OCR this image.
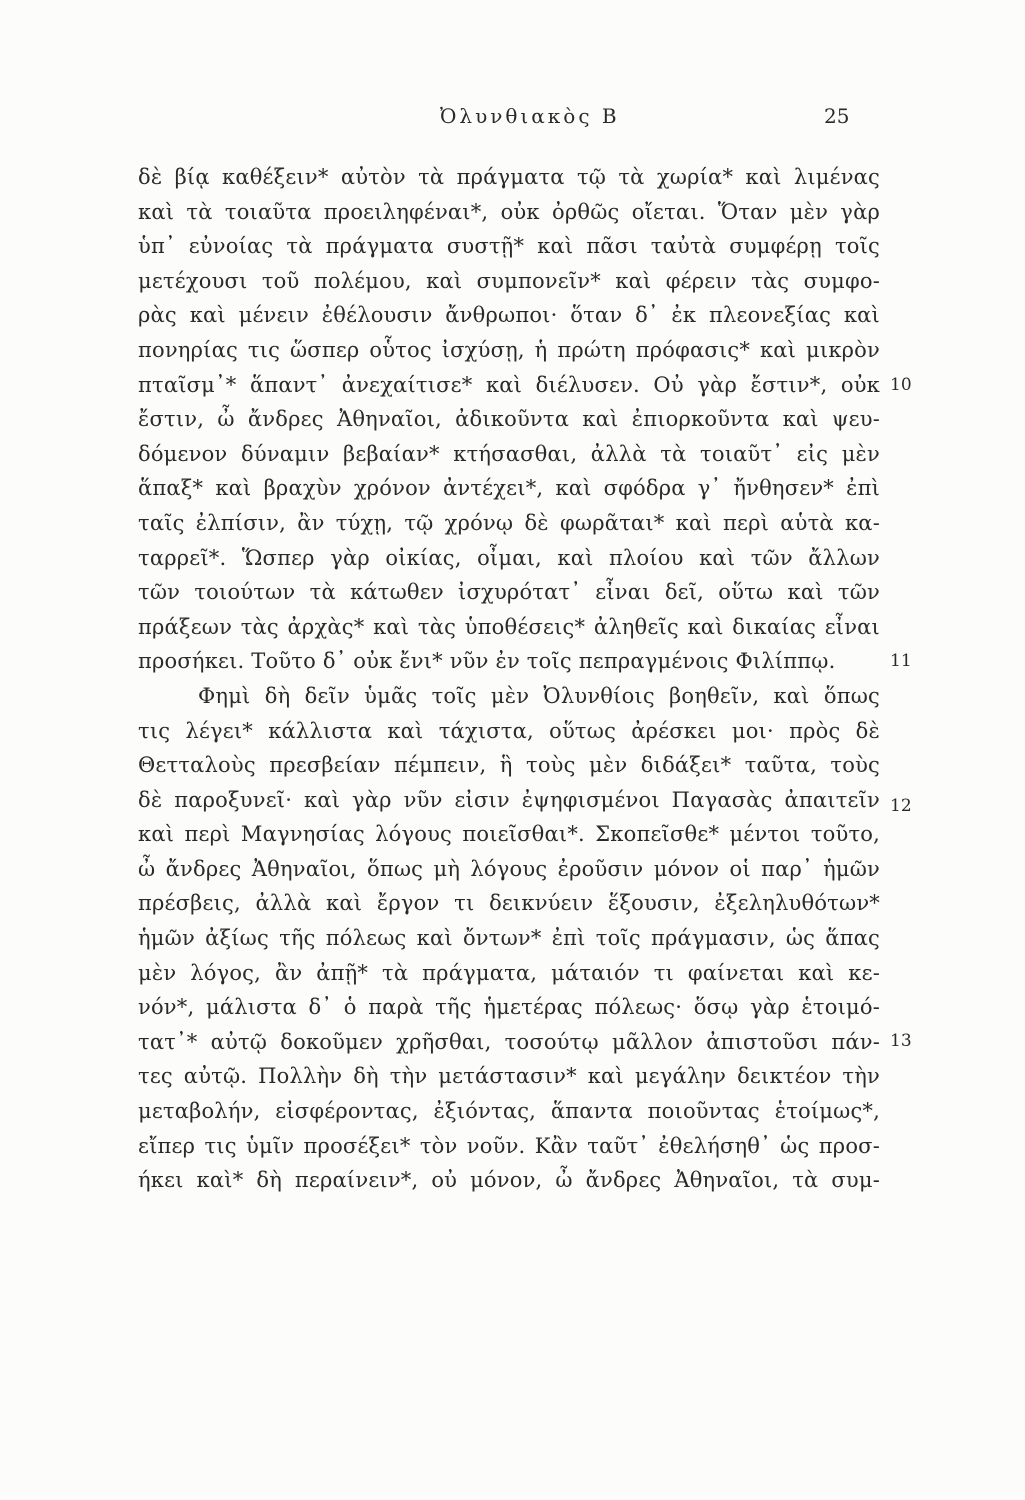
Ὀλυνθιακὸς Β	25
δὲ βίᾳ καθέξειν* αὐτὸν τὰ πράγματα τῷ τὰ χωρία* καὶ λιμένας
καὶ τὰ τοιαῦτα προειληφέναι*, οὐκ ὀρθῶς οἴεται. Ὅταν μὲν γὰρ
ὑπ᾿ εὐνοίας τὰ πράγματα συστῇ* καὶ πᾶσι ταὐτὰ συμφέρῃ τοῖς
μετέχουσι τοῦ πολέμου, καὶ συμπονεῖν* καὶ φέρειν τὰς συμφο-
ρὰς καὶ μένειν ἐθέλουσιν ἄνθρωποι· ὅταν δ᾿ ἐκ πλεονεξίας καὶ
πονηρίας τις ὥσπερ οὗτος ἰσχύσῃ, ἡ πρώτη πρόφασις* καὶ μικρὸν
πταῖσμ᾿* ἅπαντ᾿ ἀνεχαίτισε* καὶ διέλυσεν. Οὐ γὰρ ἔστιν*, οὐκ
ἔστιν, ὦ ἄνδρες Ἀθηναῖοι, ἀδικοῦντα καὶ ἐπιορκοῦντα καὶ ψευ-
δόμενον δύναμιν βεβαίαν* κτήσασθαι, ἀλλὰ τὰ τοιαῦτ᾿ εἰς μὲν
ἅπαξ* καὶ βραχὺν χρόνον ἀντέχει*, καὶ σφόδρα γ᾿ ἤνθησεν* ἐπὶ
ταῖς ἐλπίσιν, ἂν τύχῃ, τῷ χρόνῳ δὲ φωρᾶται* καὶ περὶ αὑτὰ κα-
ταρρεῖ*. Ὥσπερ γὰρ οἰκίας, οἶμαι, καὶ πλοίου καὶ τῶν ἄλλων
τῶν τοιούτων τὰ κάτωθεν ἰσχυρότατ᾿ εἶναι δεῖ, οὕτω καὶ τῶν
πράξεων τὰς ἀρχὰς* καὶ τὰς ὑποθέσεις* ἀληθεῖς καὶ δικαίας εἶναι
προσήκει. Τοῦτο δ᾿ οὐκ ἔνι* νῦν ἐν τοῖς πεπραγμένοις Φιλίππῳ.
Φημὶ δὴ δεῖν ὑμᾶς τοῖς μὲν Ὀλυνθίοις βοηθεῖν, καὶ ὅπως
τις λέγει* κάλλιστα καὶ τάχιστα, οὕτως ἀρέσκει μοι· πρὸς δὲ
Θετταλοὺς πρεσβείαν πέμπειν, ἣ τοὺς μὲν διδάξει* ταῦτα, τοὺς
δὲ παροξυνεῖ· καὶ γὰρ νῦν εἰσιν ἐψηφισμένοι Παγασὰς ἀπαιτεῖν
καὶ περὶ Μαγνησίας λόγους ποιεῖσθαι*. Σκοπεῖσθε* μέντοι τοῦτο,
ὦ ἄνδρες Ἀθηναῖοι, ὅπως μὴ λόγους ἐροῦσιν μόνον οἱ παρ᾿ ἡμῶν
πρέσβεις, ἀλλὰ καὶ ἔργον τι δεικνύειν ἕξουσιν, ἐξεληλυθότων*
ἡμῶν ἀξίως τῆς πόλεως καὶ ὄντων* ἐπὶ τοῖς πράγμασιν, ὡς ἅπας
μὲν λόγος, ἂν ἀπῇ* τὰ πράγματα, μάταιόν τι φαίνεται καὶ κε-
νόν*, μάλιστα δ᾿ ὁ παρὰ τῆς ἡμετέρας πόλεως· ὅσῳ γὰρ ἑτοιμό-
τατ᾿* αὐτῷ δοκοῦμεν χρῆσθαι, τοσούτῳ μᾶλλον ἀπιστοῦσι πάν-
τες αὐτῷ. Πολλὴν δὴ τὴν μετάστασιν* καὶ μεγάλην δεικτέον τὴν
μεταβολήν, εἰσφέροντας, ἐξιόντας, ἅπαντα ποιοῦντας ἑτοίμως*,
εἴπερ τις ὑμῖν προσέξει* τὸν νοῦν. Κἂν ταῦτ᾿ ἐθελήσηθ᾿ ὡς προσ-
ήκει καὶ* δὴ περαίνειν*, οὐ μόνον, ὦ ἄνδρες Ἀθηναῖοι, τὰ συμ-
10
11
12
13
